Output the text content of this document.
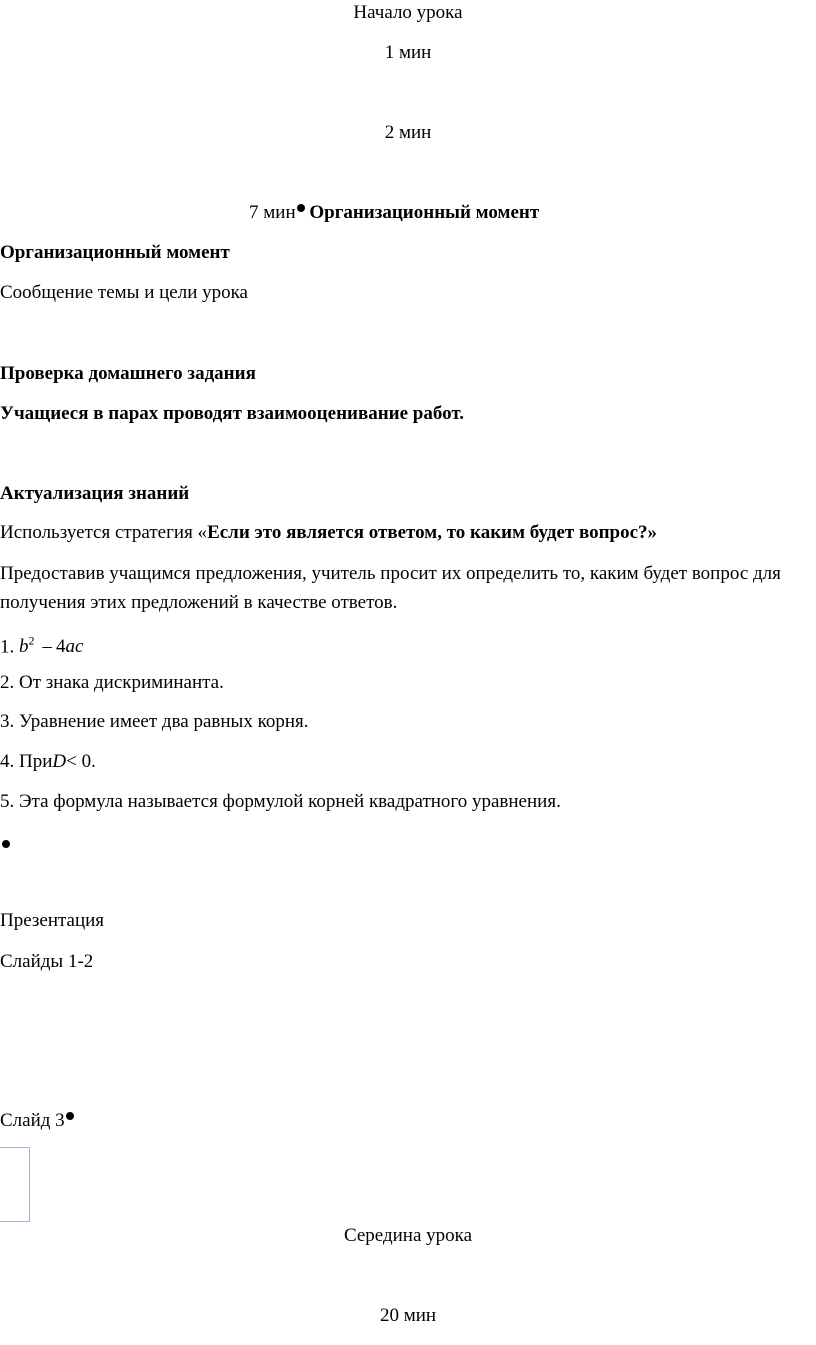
Начало урока
1 мин
2 мин
7 мин Организационный момент
Организационный момент
Сообщение темы и цели урока
Проверка домашнего задания
Учащиеся в парах проводят взаимооценивание работ.
Актуализация знаний
Используется стратегия «Если это является ответом, то каким будет вопрос?»
Предоставив учащимся предложения, учитель просит их определить то, каким будет вопрос для получения этих предложений в качестве ответов.
1. $b^2 - 4ac$
2. От знака дискриминанта.
3. Уравнение имеет два равных корня.
4. ПриD< 0.
5. Эта формула называется формулой корней квадратного уравнения.
Презентация
Слайды 1-2
Слайд 3
Середина урока
20 мин
